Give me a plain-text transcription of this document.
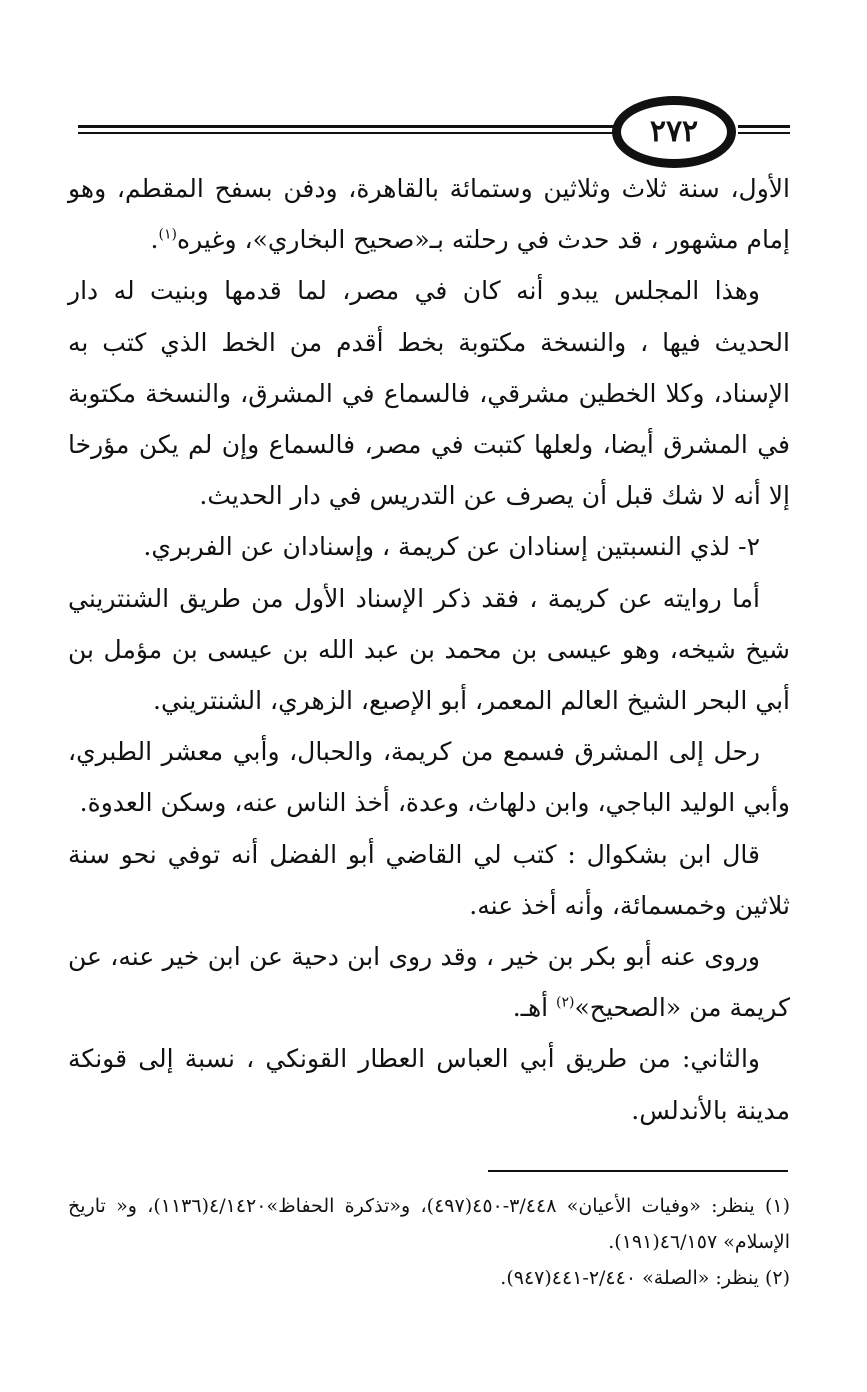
٢٧٢

الأول، سنة ثلاث وثلاثين وستمائة بالقاهرة، ودفن بسفح المقطم، وهو إمام مشهور ، قد حدث في رحلته بـ«صحيح البخاري»، وغيره$^{(١)}$.

وهذا المجلس يبدو أنه كان في مصر، لما قدمها وبنيت له دار الحديث فيها ، والنسخة مكتوبة بخط أقدم من الخط الذي كتب به الإسناد، وكلا الخطين مشرقي، فالسماع في المشرق، والنسخة مكتوبة في المشرق أيضا، ولعلها كتبت في مصر، فالسماع وإن لم يكن مؤرخا إلا أنه لا شك قبل أن يصرف عن التدريس في دار الحديث.

٢- لذي النسبتين إسنادان عن كريمة ، وإسنادان عن الفربري.

أما روايته عن كريمة ، فقد ذكر الإسناد الأول من طريق الشنتريني شيخ شيخه، وهو عيسى بن محمد بن عبد الله بن عيسى بن مؤمل بن أبي البحر الشيخ العالم المعمر، أبو الإصبع، الزهري، الشنتريني.

رحل إلى المشرق فسمع من كريمة، والحبال، وأبي معشر الطبري، وأبي الوليد الباجي، وابن دلهاث، وعدة، أخذ الناس عنه، وسكن العدوة.

قال ابن بشكوال : كتب لي القاضي أبو الفضل أنه توفي نحو سنة ثلاثين وخمسمائة، وأنه أخذ عنه.

وروى عنه أبو بكر بن خير ، وقد روى ابن دحية عن ابن خير عنه، عن كريمة من «الصحيح»$^{(٢)}$ أهـ.

والثاني: من طريق أبي العباس العطار القونكي ، نسبة إلى قونكة مدينة بالأندلس.

(١) ينظر: «وفيات الأعيان» ٣/٤٤٨-٤٥٠(٤٩٧)، و«تذكرة الحفاظ»٤/١٤٢٠(١١٣٦)، و« تاريخ الإسلام» ٤٦/١٥٧(١٩١).

(٢) ينظر: «الصلة» ٢/٤٤٠-٤٤١(٩٤٧).
